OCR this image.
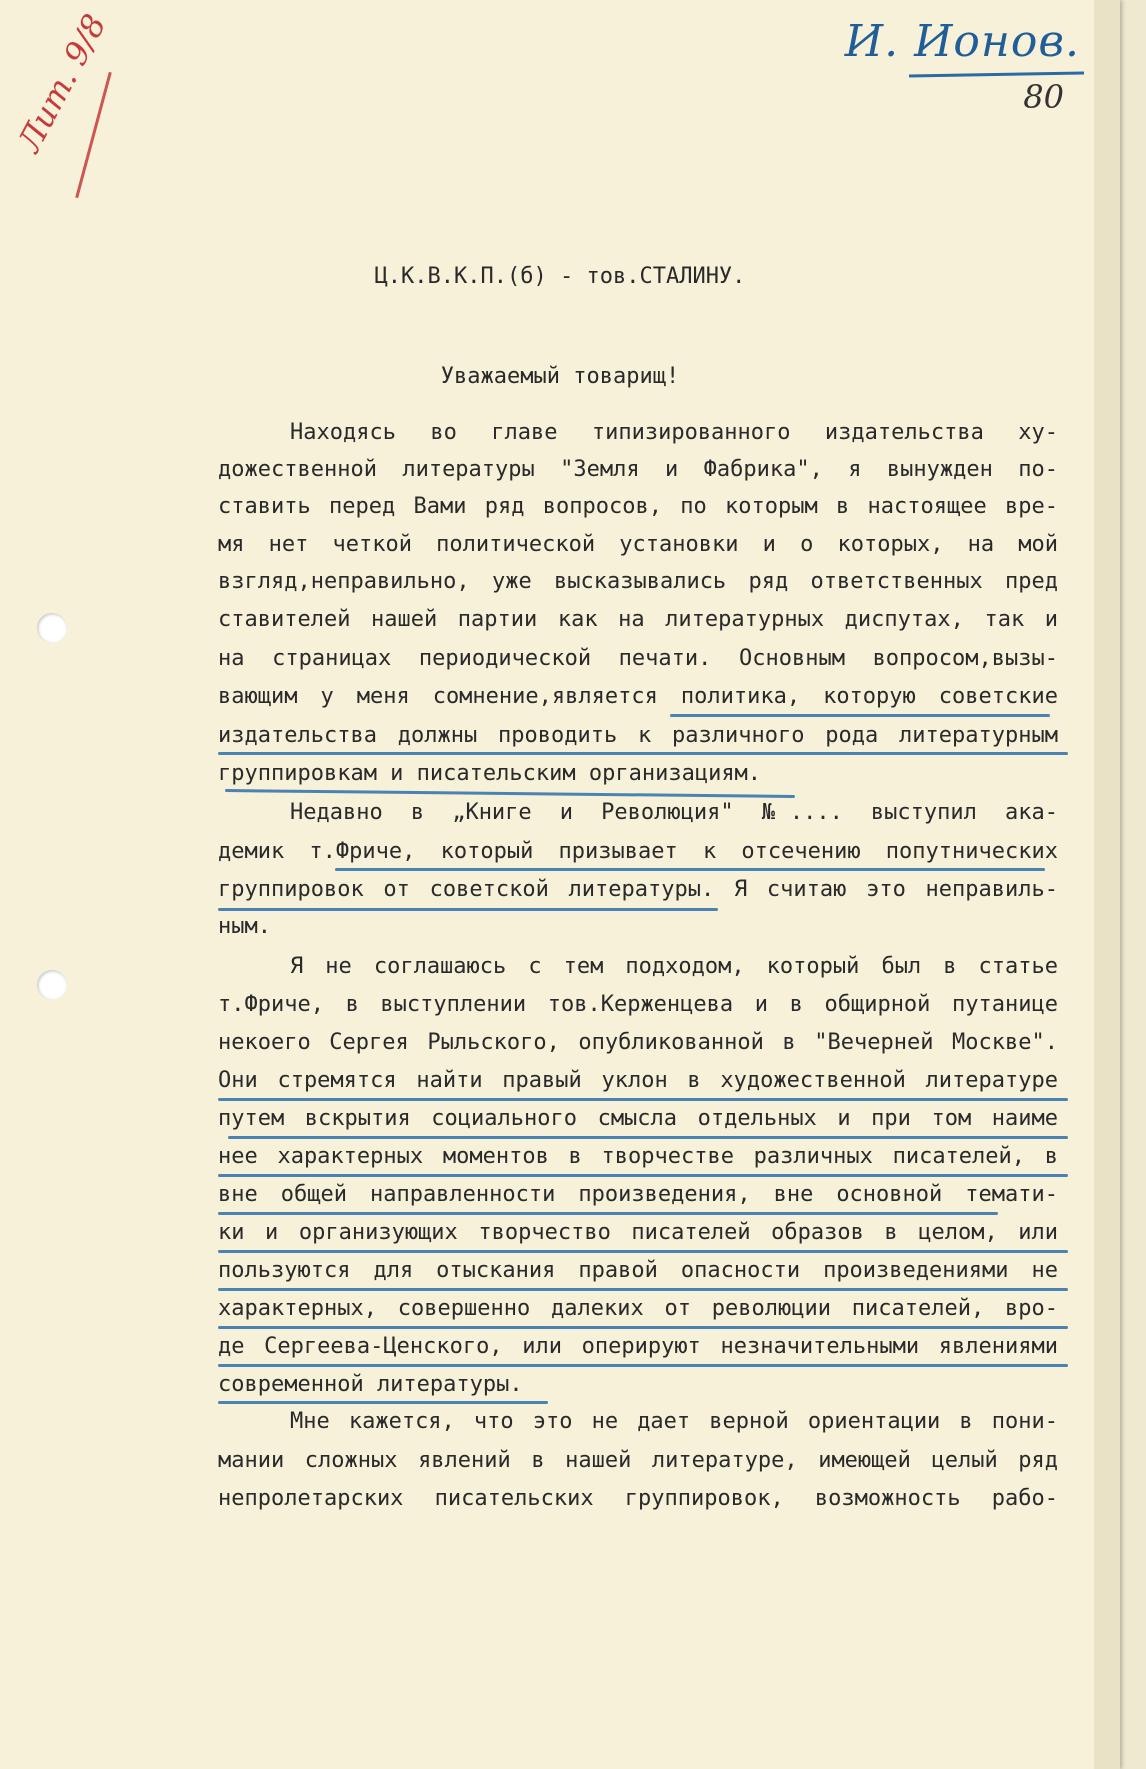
И. Ионов.
80
Лит. 9/8
Ц.К.В.К.П.(б) - тов.СТАЛИНУ.
Уважаемый товарищ!
Находясь во главе типизированного издательства ху-
дожественной литературы "Земля и Фабрика", я вынужден по-
ставить перед Вами ряд вопросов, по которым в настоящее вре-
мя нет четкой политической установки и о которых, на мой
взгляд,неправильно, уже высказывались ряд ответственных пред
ставителей нашей партии как на литературных диспутах, так и
на страницах периодической печати. Основным вопросом,вызы-
вающим у меня сомнение,является политика, которую советские
издательства должны проводить к различного рода литературным
группировкам и писательским организациям.
Недавно в „Книге и Революция" №.... выступил ака-
демик т.Фриче, который призывает к отсечению попутнических
группировок от советской литературы. Я считаю это неправиль-
ным.
Я не соглашаюсь с тем подходом, который был в статье
т.Фриче, в выступлении тов.Керженцева и в общирной путанице
некоего Сергея Рыльского, опубликованной в "Вечерней Москве".
Они стремятся найти правый уклон в художественной литературе
путем вскрытия социального смысла отдельных и при том наиме
нее характерных моментов в творчестве различных писателей, в
вне общей направленности произведения, вне основной темати-
ки и организующих творчество писателей образов в целом, или
пользуются для отыскания правой опасности произведениями не
характерных, совершенно далеких от революции писателей, вро-
де Сергеева-Ценского, или оперируют незначительными явлениями
современной литературы.
Мне кажется, что это не дает верной ориентации в пони-
мании сложных явлений в нашей литературе, имеющей целый ряд
непролетарских писательских группировок, возможность рабо-
